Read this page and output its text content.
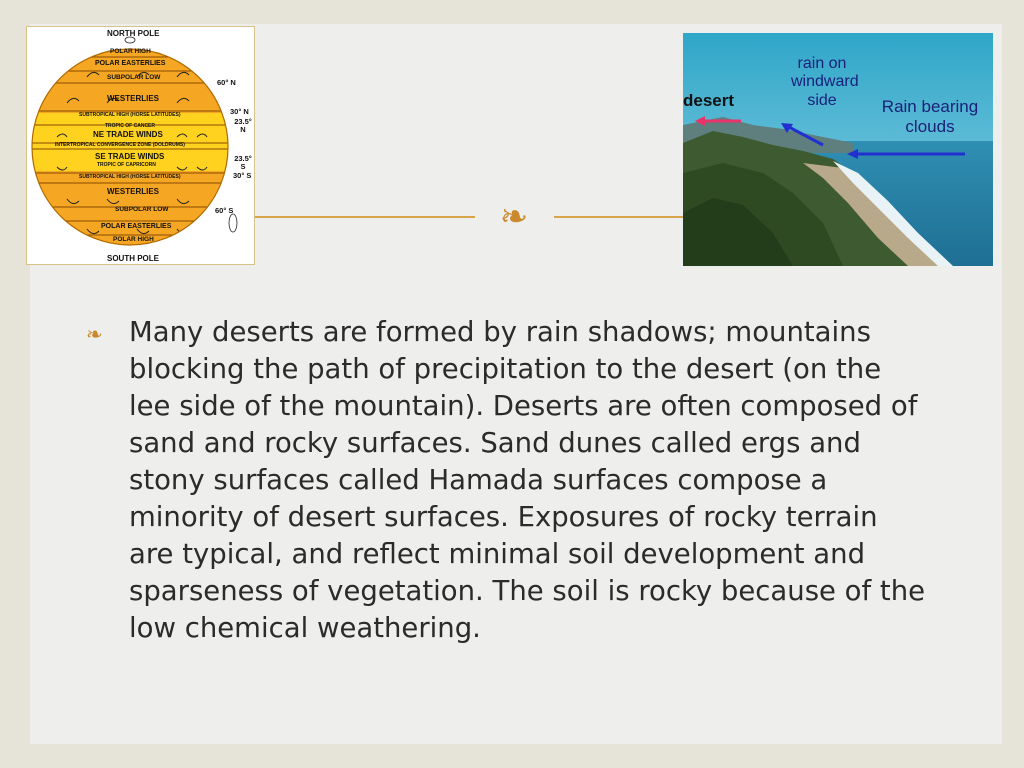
NORTH POLE
POLAR HIGH
POLAR EASTERLIES
SUBPOLAR LOW
WESTERLIES
SUBTROPICAL HIGH (HORSE LATITUDES)
TROPIC OF CANCER
NE TRADE WINDS
INTERTROPICAL CONVERGENCE ZONE (DOLDRUMS)
SE TRADE WINDS
TROPIC OF CAPRICORN
SUBTROPICAL HIGH (HORSE LATITUDES)
WESTERLIES
SUBPOLAR LOW
POLAR EASTERLIES
POLAR HIGH
SOUTH POLE
60° N
30° N
23.5° N
23.5° S
30° S
60° S	❧
desert
rain on windward side	Rain bearing clouds
❧ Many deserts are formed by rain shadows; mountains blocking the path of precipitation to the desert (on the lee side of the mountain). Deserts are often composed of sand and rocky surfaces. Sand dunes called ergs and stony surfaces called Hamada surfaces compose a minority of desert surfaces. Exposures of rocky terrain are typical, and reflect minimal soil development and sparseness of vegetation. The soil is rocky because of the low chemical weathering.
